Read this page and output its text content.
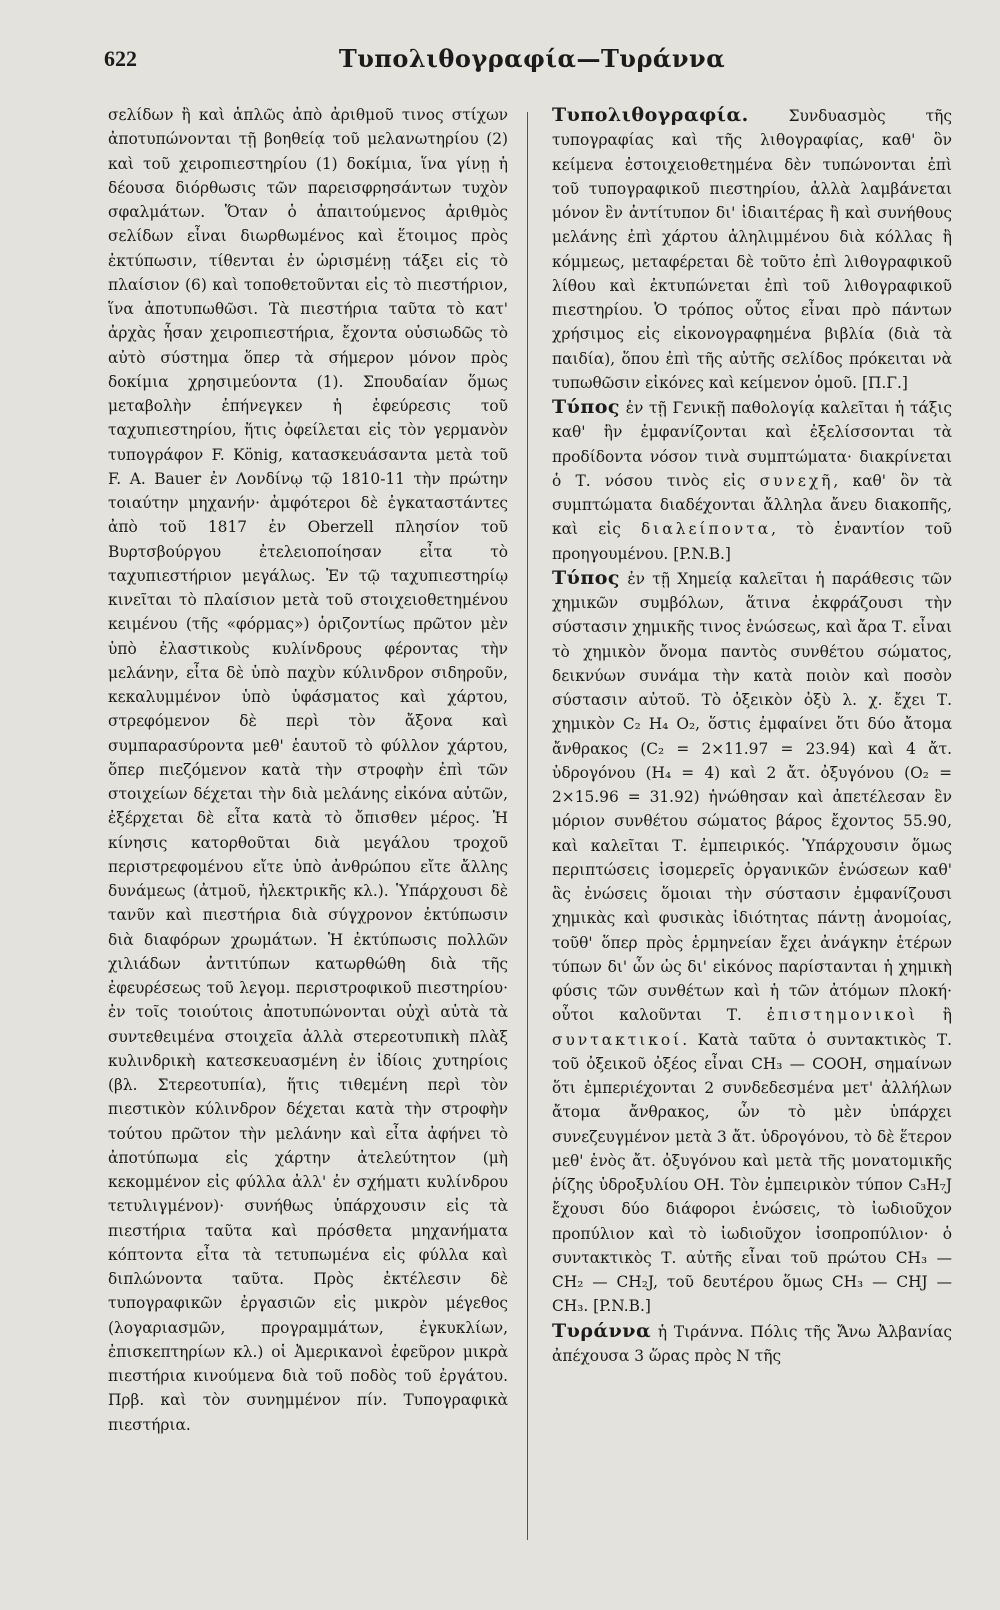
622	Τυπολιθογραφία—Τυράννα

σελίδων ἢ καὶ ἁπλῶς ἀπὸ ἀριθμοῦ τινος στίχων ἀποτυπώνονται τῇ βοηθείᾳ τοῦ μελανωτηρίου (2) καὶ τοῦ χειροπιεστηρίου (1) δοκίμια, ἵνα γίνῃ ἡ δέουσα διόρθωσις τῶν παρεισφρησάντων τυχὸν σφαλμάτων. Ὅταν ὁ ἀπαιτούμενος ἀριθμὸς σελίδων εἶναι διωρθωμένος καὶ ἕτοιμος πρὸς ἐκτύπωσιν, τίθενται ἐν ὡρισμένῃ τάξει εἰς τὸ πλαίσιον (6) καὶ τοποθετοῦνται εἰς τὸ πιεστήριον, ἵνα ἀποτυπωθῶσι. Τὰ πιεστήρια ταῦτα τὸ κατ' ἀρχὰς ἦσαν χειροπιεστήρια, ἔχοντα οὐσιωδῶς τὸ αὐτὸ σύστημα ὅπερ τὰ σήμερον μόνον πρὸς δοκίμια χρησιμεύοντα (1). Σπουδαίαν ὅμως μεταβολὴν ἐπήνεγκεν ἡ ἐφεύρεσις τοῦ ταχυπιεστηρίου, ἥτις ὀφείλεται εἰς τὸν γερμανὸν τυπογράφον F. König, κατασκευάσαντα μετὰ τοῦ F. A. Bauer ἐν Λονδίνῳ τῷ 1810-11 τὴν πρώτην τοιαύτην μηχανήν· ἀμφότεροι δὲ ἐγκαταστάντες ἀπὸ τοῦ 1817 ἐν Oberzell πλησίον τοῦ Βυρτσβούργου ἐτελειοποίησαν εἶτα τὸ ταχυπιεστήριον μεγάλως. Ἐν τῷ ταχυπιεστηρίῳ κινεῖται τὸ πλαίσιον μετὰ τοῦ στοιχειοθετημένου κειμένου (τῆς «φόρμας») ὁριζοντίως πρῶτον μὲν ὑπὸ ἐλαστικοὺς κυλίνδρους φέροντας τὴν μελάνην, εἶτα δὲ ὑπὸ παχὺν κύλινδρον σιδηροῦν, κεκαλυμμένον ὑπὸ ὑφάσματος καὶ χάρτου, στρεφόμενον δὲ περὶ τὸν ἄξονα καὶ συμπαρασύροντα μεθ' ἑαυτοῦ τὸ φύλλον χάρτου, ὅπερ πιεζόμενον κατὰ τὴν στροφὴν ἐπὶ τῶν στοιχείων δέχεται τὴν διὰ μελάνης εἰκόνα αὐτῶν, ἐξέρχεται δὲ εἶτα κατὰ τὸ ὄπισθεν μέρος. Ἡ κίνησις κατορθοῦται διὰ μεγάλου τροχοῦ περιστρεφομένου εἴτε ὑπὸ ἀνθρώπου εἴτε ἄλλης δυνάμεως (ἀτμοῦ, ἠλεκτρικῆς κλ.). Ὑπάρχουσι δὲ τανῦν καὶ πιεστήρια διὰ σύγχρονον ἐκτύπωσιν διὰ διαφόρων χρωμάτων. Ἡ ἐκτύπωσις πολλῶν χιλιάδων ἀντιτύπων κατωρθώθη διὰ τῆς ἐφευρέσεως τοῦ λεγομ. περιστροφικοῦ πιεστηρίου· ἐν τοῖς τοιούτοις ἀποτυπώνονται οὐχὶ αὐτὰ τὰ συντεθειμένα στοιχεῖα ἀλλὰ στερεοτυπικὴ πλὰξ κυλινδρικὴ κατεσκευασμένη ἐν ἰδίοις χυτηρίοις (βλ. Στερεοτυπία), ἥτις τιθεμένη περὶ τὸν πιεστικὸν κύλινδρον δέχεται κατὰ τὴν στροφὴν τούτου πρῶτον τὴν μελάνην καὶ εἶτα ἀφήνει τὸ ἀποτύπωμα εἰς χάρτην ἀτελεύτητον (μὴ κεκομμένον εἰς φύλλα ἀλλ' ἐν σχήματι κυλίνδρου τετυλιγμένον)· συνήθως ὑπάρχουσιν εἰς τὰ πιεστήρια ταῦτα καὶ πρόσθετα μηχανήματα κόπτοντα εἶτα τὰ τετυπωμένα εἰς φύλλα καὶ διπλώνοντα ταῦτα. Πρὸς ἐκτέλεσιν δὲ τυπογραφικῶν ἐργασιῶν εἰς μικρὸν μέγεθος (λογαριασμῶν, προγραμμάτων, ἐγκυκλίων, ἐπισκεπτηρίων κλ.) οἱ Ἀμερικανοὶ ἐφεῦρον μικρὰ πιεστήρια κινούμενα διὰ τοῦ ποδὸς τοῦ ἐργάτου. Πρβ. καὶ τὸν συνημμένον πίν. Τυπογραφικὰ πιεστήρια.

Τυπολιθογραφία. Συνδυασμὸς τῆς τυπογραφίας καὶ τῆς λιθογραφίας, καθ' ὃν κείμενα ἐστοιχειοθετημένα δὲν τυπώνονται ἐπὶ τοῦ τυπογραφικοῦ πιεστηρίου, ἀλλὰ λαμβάνεται μόνον ἓν ἀντίτυπον δι' ἰδιαιτέρας ἢ καὶ συνήθους μελάνης ἐπὶ χάρτου ἀληλιμμένου διὰ κόλλας ἢ κόμμεως, μεταφέρεται δὲ τοῦτο ἐπὶ λιθογραφικοῦ λίθου καὶ ἐκτυπώνεται ἐπὶ τοῦ λιθογραφικοῦ πιεστηρίου. Ὁ τρόπος οὗτος εἶναι πρὸ πάντων χρήσιμος εἰς εἰκονογραφημένα βιβλία (διὰ τὰ παιδία), ὅπου ἐπὶ τῆς αὐτῆς σελίδος πρόκειται νὰ τυπωθῶσιν εἰκόνες καὶ κείμενον ὁμοῦ. [Π.Γ.]

Τύπος ἐν τῇ Γενικῇ παθολογίᾳ καλεῖται ἡ τάξις καθ' ἣν ἐμφανίζονται καὶ ἐξελίσσονται τὰ προδίδοντα νόσον τινὰ συμπτώματα· διακρίνεται ὁ Τ. νόσου τινὸς εἰς συνεχῆ, καθ' ὃν τὰ συμπτώματα διαδέχονται ἄλληλα ἄνευ διακοπῆς, καὶ εἰς διαλείποντα, τὸ ἐναντίον τοῦ προηγουμένου. [P.N.B.]

Τύπος ἐν τῇ Χημείᾳ καλεῖται ἡ παράθεσις τῶν χημικῶν συμβόλων, ἅτινα ἐκφράζουσι τὴν σύστασιν χημικῆς τινος ἑνώσεως, καὶ ἄρα Τ. εἶναι τὸ χημικὸν ὄνομα παντὸς συνθέτου σώματος, δεικνύων συνάμα τὴν κατὰ ποιὸν καὶ ποσὸν σύστασιν αὐτοῦ. Τὸ ὀξεικὸν ὀξὺ λ. χ. ἔχει Τ. χημικὸν C₂ H₄ O₂, ὅστις ἐμφαίνει ὅτι δύο ἄτομα ἄνθρακος (C₂ = 2×11.97 = 23.94) καὶ 4 ἄτ. ὑδρογόνου (H₄ = 4) καὶ 2 ἄτ. ὀξυγόνου (O₂ = 2×15.96 = 31.92) ἡνώθησαν καὶ ἀπετέλεσαν ἓν μόριον συνθέτου σώματος βάρος ἔχοντος 55.90, καὶ καλεῖται Τ. ἐμπειρικός. Ὑπάρχουσιν ὅμως περιπτώσεις ἰσομερεῖς ὀργανικῶν ἑνώσεων καθ' ἃς ἑνώσεις ὅμοιαι τὴν σύστασιν ἐμφανίζουσι χημικὰς καὶ φυσικὰς ἰδιότητας πάντῃ ἀνομοίας, τοῦθ' ὅπερ πρὸς ἑρμηνείαν ἔχει ἀνάγκην ἑτέρων τύπων δι' ὧν ὡς δι' εἰκόνος παρίστανται ἡ χημικὴ φύσις τῶν συνθέτων καὶ ἡ τῶν ἀτόμων πλοκή· οὗτοι καλοῦνται Τ. ἐπιστημονικοὶ ἢ συντακτικοί. Κατὰ ταῦτα ὁ συντακτικὸς Τ. τοῦ ὀξεικοῦ ὀξέος εἶναι CH₃ — COOH, σημαίνων ὅτι ἐμπεριέχονται 2 συνδεδεσμένα μετ' ἀλλήλων ἄτομα ἄνθρακος, ὧν τὸ μὲν ὑπάρχει συνεζευγμένον μετὰ 3 ἄτ. ὑδρογόνου, τὸ δὲ ἕτερον μεθ' ἑνὸς ἄτ. ὀξυγόνου καὶ μετὰ τῆς μονατομικῆς ῥίζης ὑδροξυλίου OH. Τὸν ἐμπειρικὸν τύπον C₃H₇J ἔχουσι δύο διάφοροι ἑνώσεις, τὸ ἰωδιοῦχον προπύλιον καὶ τὸ ἰωδιοῦχον ἰσοπροπύλιον· ὁ συντακτικὸς Τ. αὐτῆς εἶναι τοῦ πρώτου CH₃ — CH₂ — CH₂J, τοῦ δευτέρου ὅμως CH₃ — CHJ — CH₃. [P.N.B.]

Τυράννα ἡ Τιράννα. Πόλις τῆς Ἄνω Ἀλβανίας ἀπέχουσα 3 ὥρας πρὸς Ν τῆς
